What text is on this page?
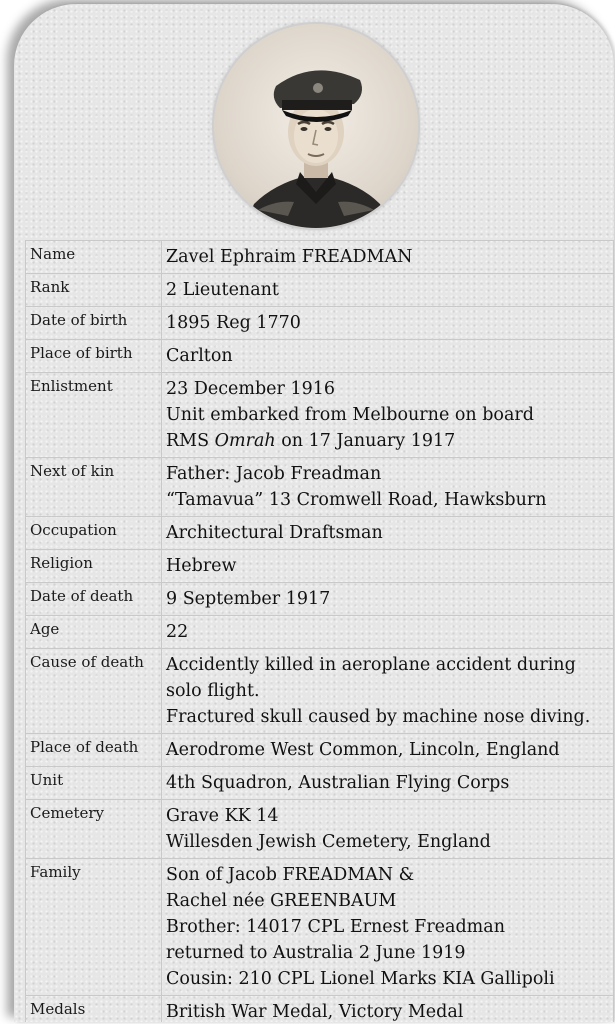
Name	Zavel Ephraim FREADMAN

Rank	2 Lieutenant

Date of birth	1895 Reg 1770

Place of birth	Carlton

Enlistment	23 December 1916
Unit embarked from Melbourne on board
RMS Omrah on 17 January 1917

Next of kin	Father: Jacob Freadman
“Tamavua” 13 Cromwell Road, Hawksburn

Occupation	Architectural Draftsman

Religion	Hebrew

Date of death	9 September 1917

Age	22

Cause of death	Accidently killed in aeroplane accident during
solo flight.
Fractured skull caused by machine nose diving.

Place of death	Aerodrome West Common, Lincoln, England

Unit	4th Squadron, Australian Flying Corps

Cemetery	Grave KK 14
Willesden Jewish Cemetery, England

Family	Son of Jacob FREADMAN &
Rachel née GREENBAUM
Brother: 14017 CPL Ernest Freadman
returned to Australia 2 June 1919
Cousin: 210 CPL Lionel Marks KIA Gallipoli

Medals	British War Medal, Victory Medal
